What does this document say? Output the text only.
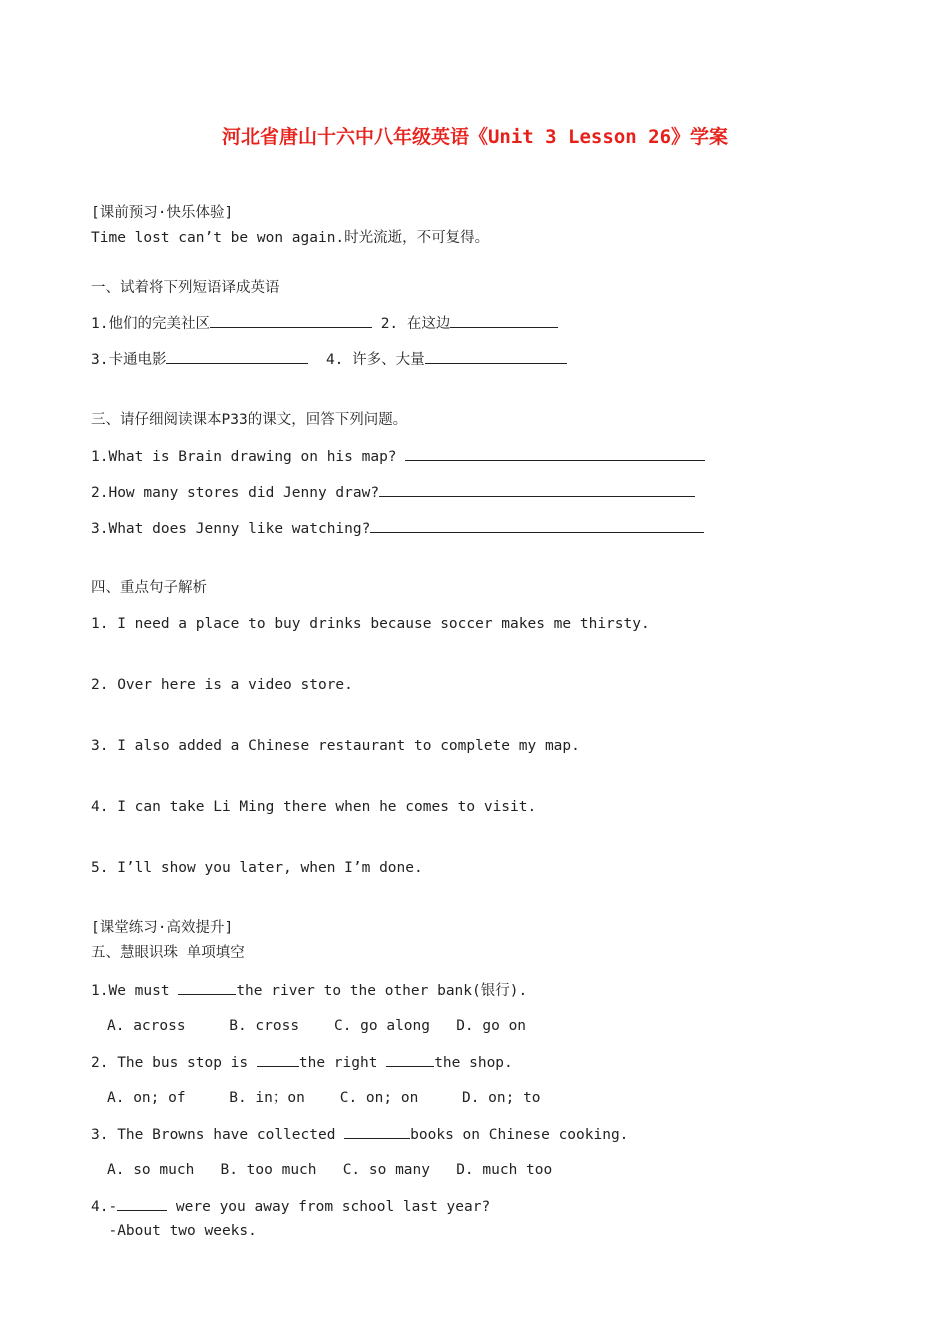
河北省唐山十六中八年级英语《Unit 3 Lesson 26》学案
[课前预习·快乐体验]
Time lost can’t be won again.时光流逝，不可复得。
一、试着将下列短语译成英语
1.他们的完美社区	2. 在这边
3.卡通电影	4. 许多、大量
三、请仔细阅读课本P33的课文，回答下列问题。
1.What is Brain drawing on his map?
2.How many stores did Jenny draw?
3.What does Jenny like watching?
四、重点句子解析
1. I need a place to buy drinks because soccer makes me thirsty.
2. Over here is a video store.
3. I also added a Chinese restaurant to complete my map.
4. I can take Li Ming there when he comes to visit.
5. I’ll show you later, when I’m done.
[课堂练习·高效提升]
五、慧眼识珠 单项填空
1.We must	the river to the other bank(银行).
A. across     B. cross    C. go along   D. go on
2. The bus stop is	the right	the shop.
A. on; of     B. in；on    C. on; on     D. on; to
3. The Browns have collected	books on Chinese cooking.
A. so much   B. too much   C. so many   D. much too
4.-	were you away from school last year?
-About two weeks.
